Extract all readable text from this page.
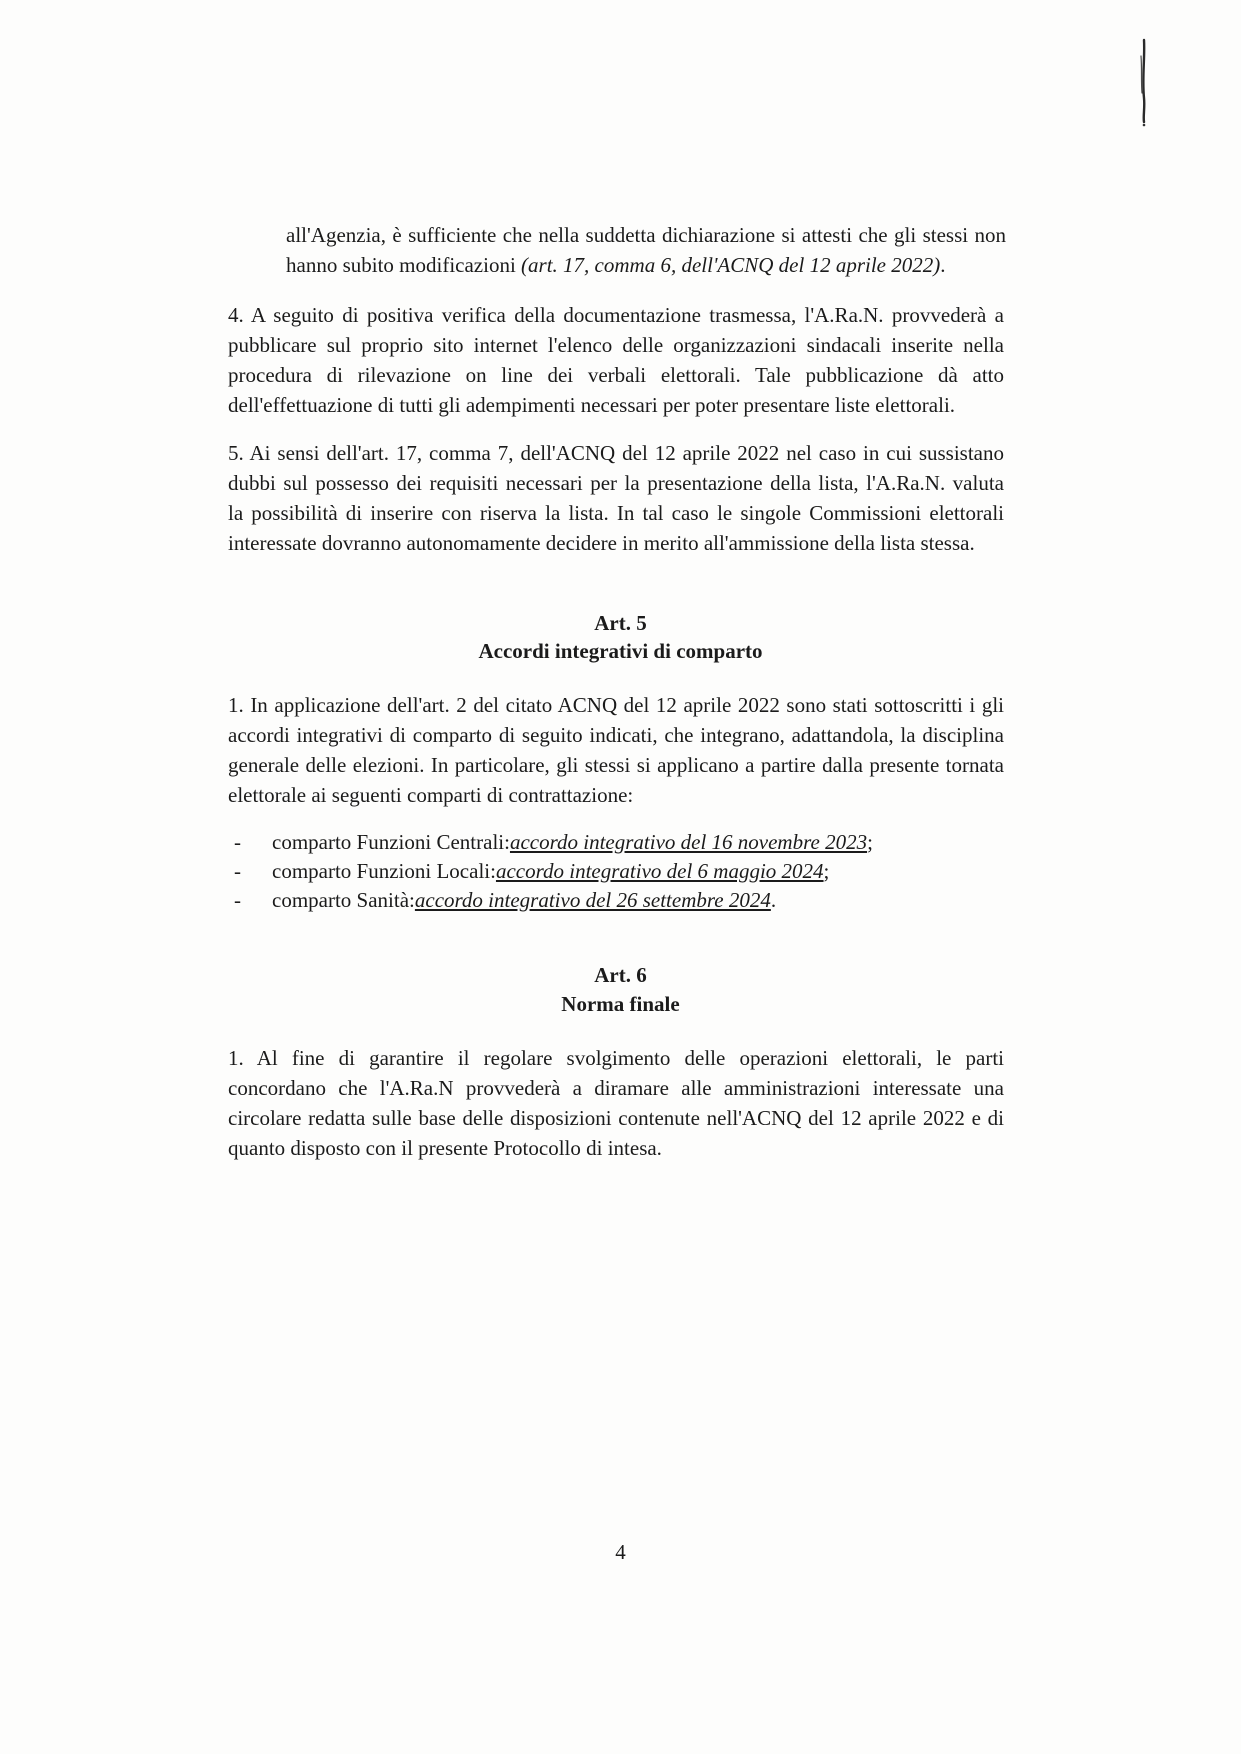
all'Agenzia, è sufficiente che nella suddetta dichiarazione si attesti che gli stessi non
hanno subito modificazioni (art. 17, comma 6, dell'ACNQ del 12 aprile 2022).

4. A seguito di positiva verifica della documentazione trasmessa, l'A.Ra.N. provvederà a
pubblicare sul proprio sito internet l'elenco delle organizzazioni sindacali inserite nella
procedura di rilevazione on line dei verbali elettorali. Tale pubblicazione dà atto
dell'effettuazione di tutti gli adempimenti necessari per poter presentare liste elettorali.

5. Ai sensi dell'art. 17, comma 7, dell'ACNQ del 12 aprile 2022 nel caso in cui sussistano
dubbi sul possesso dei requisiti necessari per la presentazione della lista, l'A.Ra.N. valuta
la possibilità di inserire con riserva la lista. In tal caso le singole Commissioni elettorali
interessate dovranno autonomamente decidere in merito all'ammissione della lista stessa.

Art. 5
Accordi integrativi di comparto

1. In applicazione dell'art. 2 del citato ACNQ del 12 aprile 2022 sono stati sottoscritti i gli
accordi integrativi di comparto di seguito indicati, che integrano, adattandola, la disciplina
generale delle elezioni. In particolare, gli stessi si applicano a partire dalla presente tornata
elettorale ai seguenti comparti di contrattazione:

- comparto Funzioni Centrali:accordo integrativo del 16 novembre 2023;
- comparto Funzioni Locali:accordo integrativo del 6 maggio 2024;
- comparto Sanità:accordo integrativo del 26 settembre 2024.
Art. 6
Norma finale

1. Al fine di garantire il regolare svolgimento delle operazioni elettorali, le parti
concordano che l'A.Ra.N provvederà a diramare alle amministrazioni interessate una
circolare redatta sulle base delle disposizioni contenute nell'ACNQ del 12 aprile 2022 e di
quanto disposto con il presente Protocollo di intesa.

4
